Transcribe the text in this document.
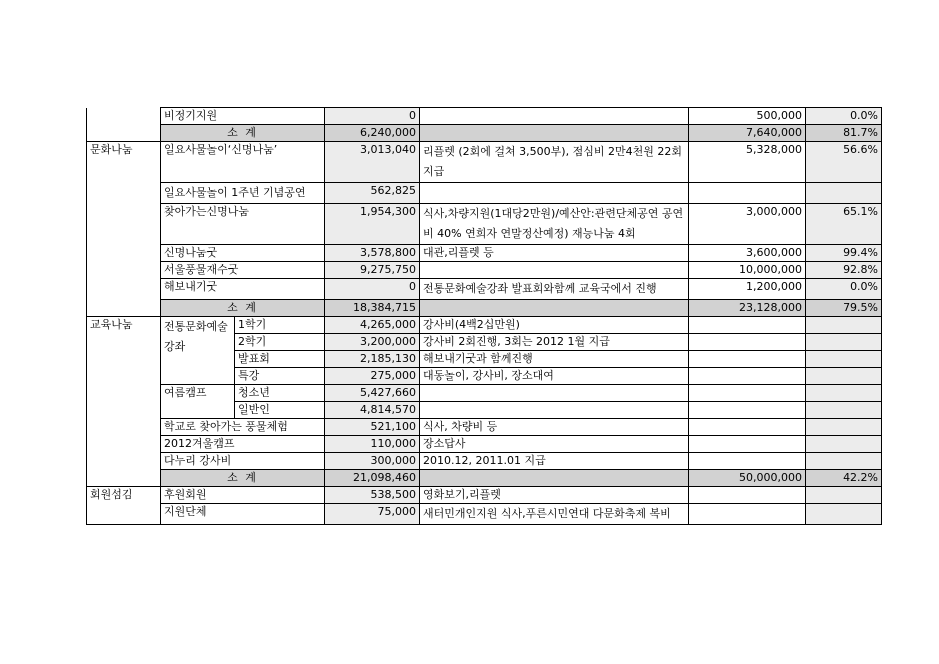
	비정기지원		0		500,000	0.0%
	소 계		6,240,000		7,640,000	81.7%
문화나눔	일요사물놀이‘신명나눔’		3,013,040	리플렛 (2회에 걸쳐 3,500부), 점심비 2만4천원 22회 지급	5,328,000	56.6%
	일요사물놀이 1주년 기념공연		562,825			
	찾아가는신명나눔		1,954,300	식사,차량지원(1대당2만원)/예산안:관련단체공연 공연비 40% 연희자 연말정산예정) 재능나눔 4회	3,000,000	65.1%
	신명나눔굿		3,578,800	대관,리플렛 등	3,600,000	99.4%
	서울풍물재수굿		9,275,750		10,000,000	92.8%
	해보내기굿		0	전통문화예술강좌 발표회와함께 교육국에서 진행	1,200,000	0.0%
	소 계		18,384,715		23,128,000	79.5%
교육나눔	전통문화예술강좌	1학기	4,265,000	강사비(4백2십만원)		
		2학기	3,200,000	강사비 2회진행, 3회는 2012 1월 지급		
		발표회	2,185,130	해보내기굿과 함께진행		
		특강	275,000	대동놀이, 강사비, 장소대여		
	여름캠프	청소년	5,427,660			
		일반인	4,814,570			
	학교로 찾아가는 풍물체험		521,100	식사, 차량비 등		
	2012겨울캠프		110,000	장소답사		
	다누리 강사비		300,000	2010.12, 2011.01 지급		
	소 계		21,098,460		50,000,000	42.2%
회원섬김	후원회원		538,500	영화보기,리플렛		
	지원단체		75,000	새터민개인지원 식사,푸른시민연대 다문화축제 복비		
